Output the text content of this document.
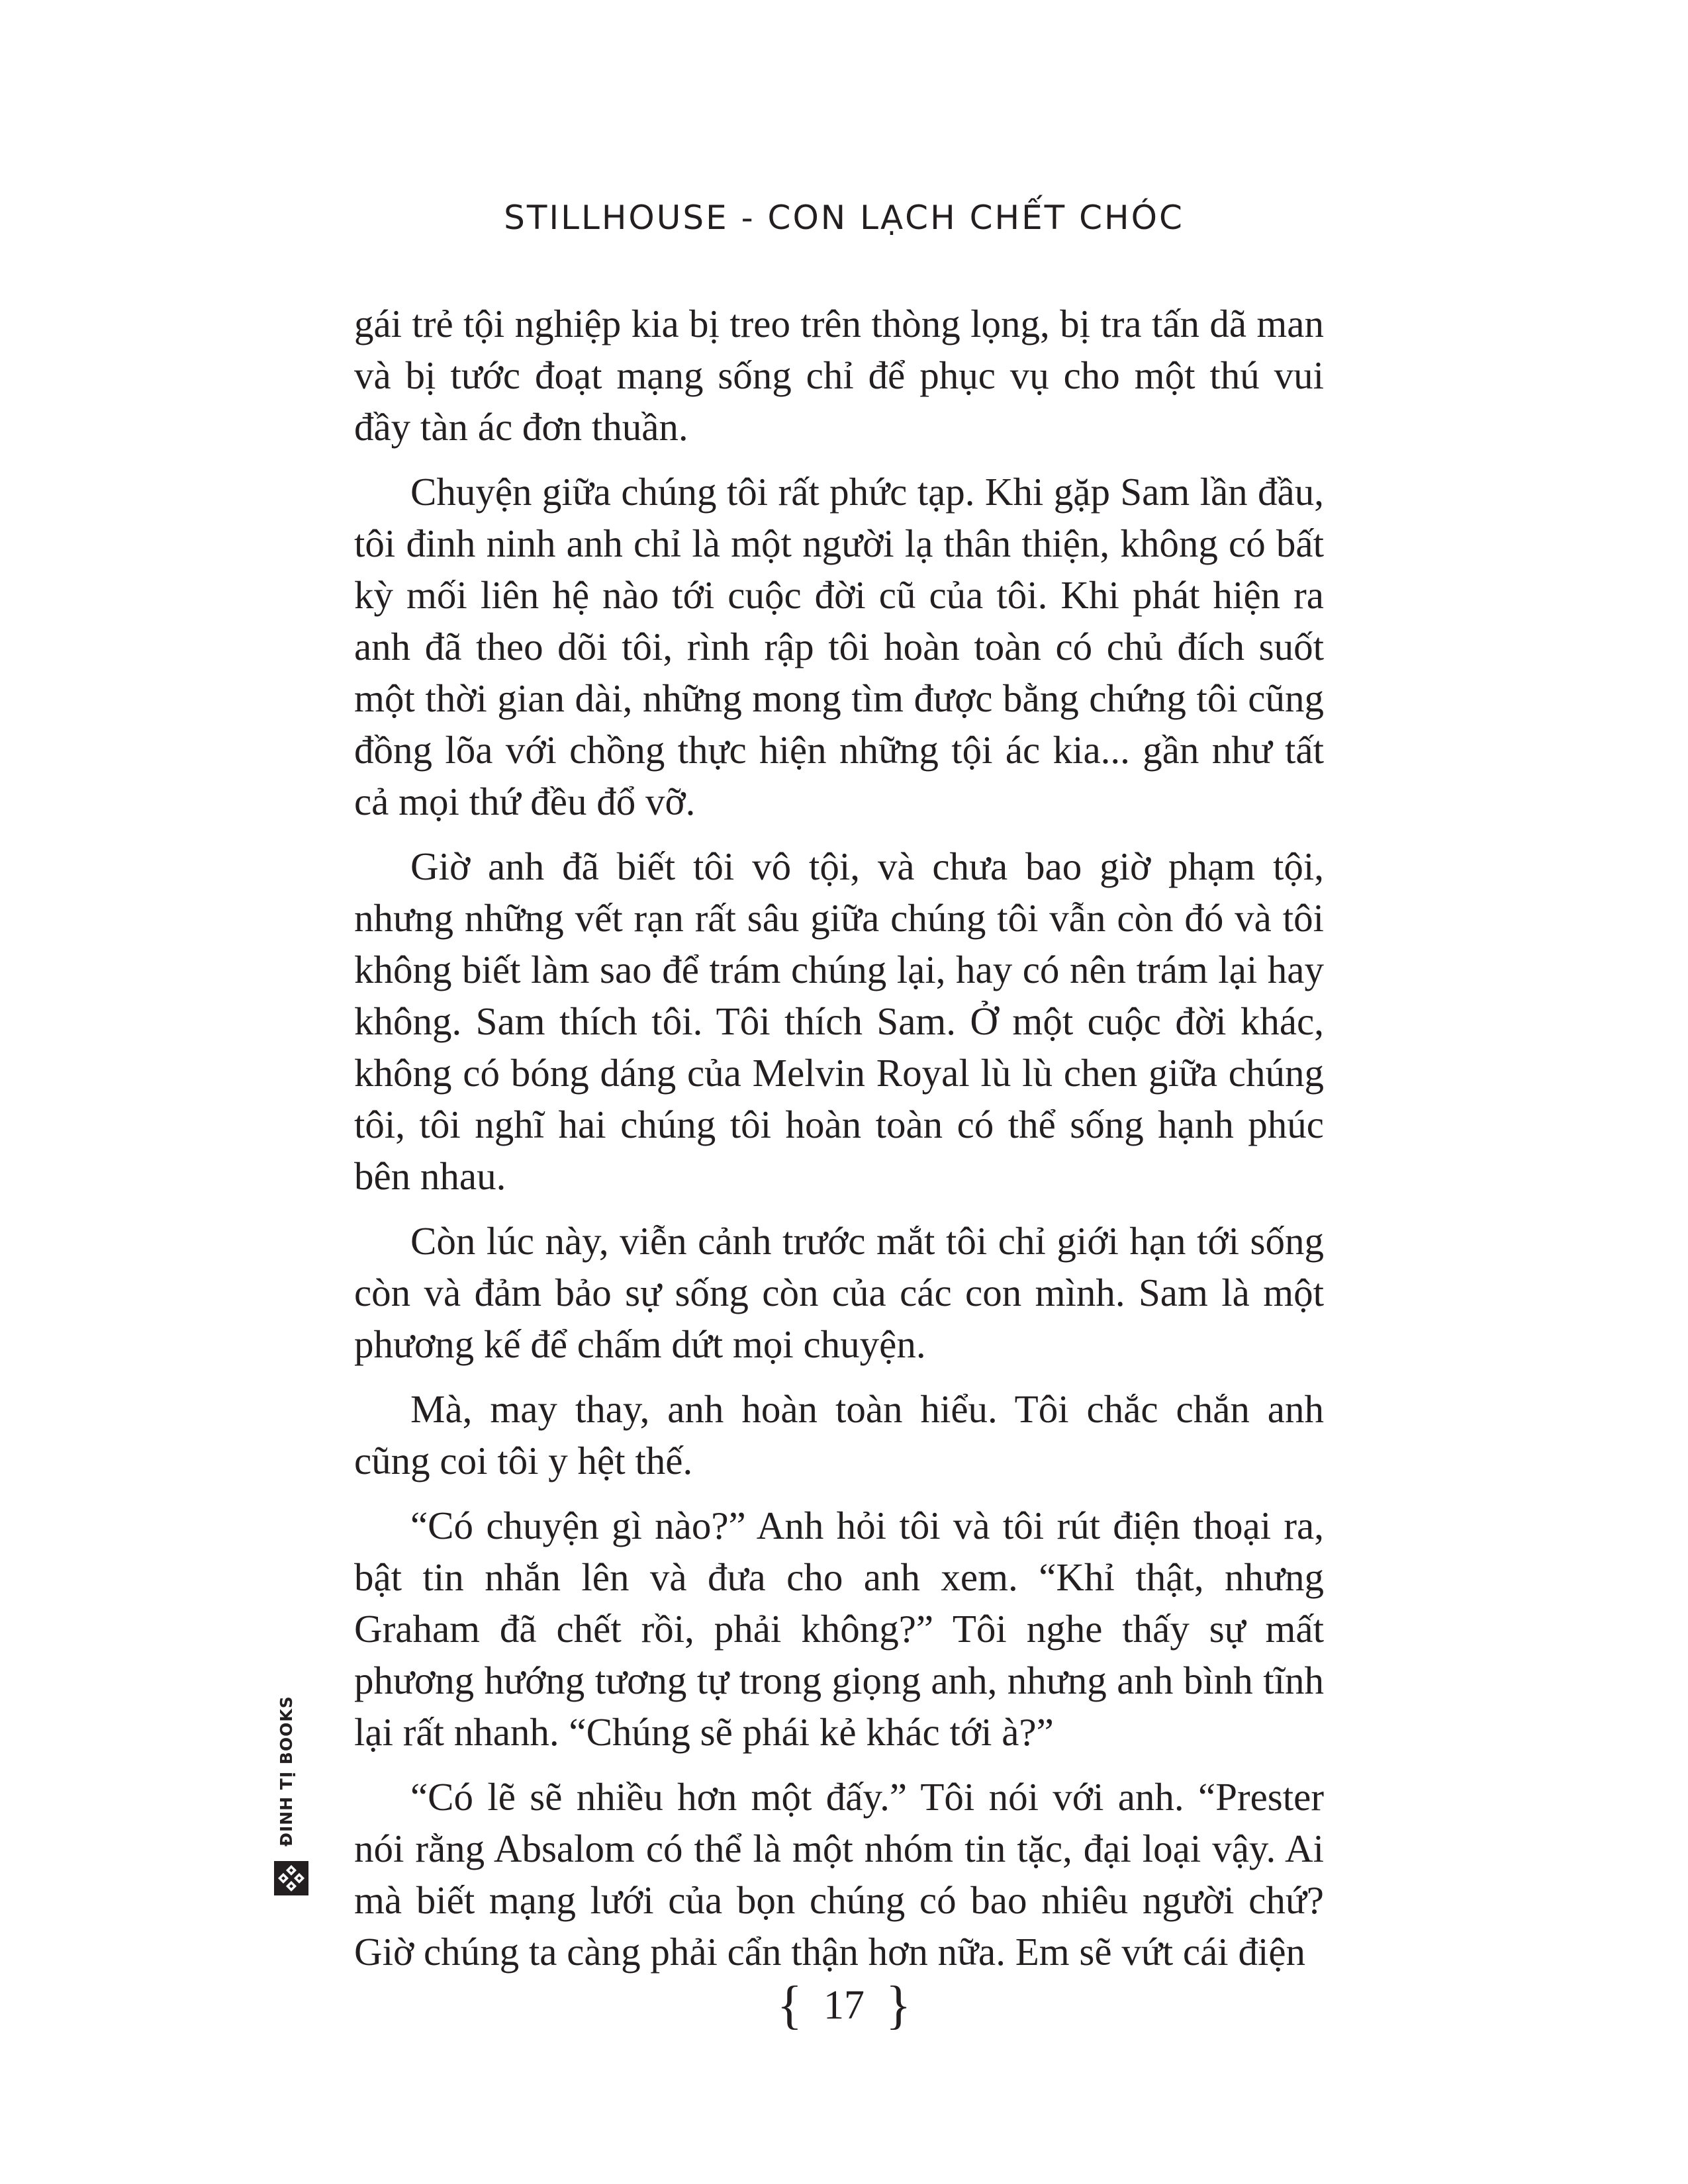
STILLHOUSE - CON LẠCH CHẾT CHÓC

gái trẻ tội nghiệp kia bị treo trên thòng lọng, bị tra tấn dã man và bị tước đoạt mạng sống chỉ để phục vụ cho một thú vui đầy tàn ác đơn thuần.

Chuyện giữa chúng tôi rất phức tạp. Khi gặp Sam lần đầu, tôi đinh ninh anh chỉ là một người lạ thân thiện, không có bất kỳ mối liên hệ nào tới cuộc đời cũ của tôi. Khi phát hiện ra anh đã theo dõi tôi, rình rập tôi hoàn toàn có chủ đích suốt một thời gian dài, những mong tìm được bằng chứng tôi cũng đồng lõa với chồng thực hiện những tội ác kia... gần như tất cả mọi thứ đều đổ vỡ.

Giờ anh đã biết tôi vô tội, và chưa bao giờ phạm tội, nhưng những vết rạn rất sâu giữa chúng tôi vẫn còn đó và tôi không biết làm sao để trám chúng lại, hay có nên trám lại hay không. Sam thích tôi. Tôi thích Sam. Ở một cuộc đời khác, không có bóng dáng của Melvin Royal lù lù chen giữa chúng tôi, tôi nghĩ hai chúng tôi hoàn toàn có thể sống hạnh phúc bên nhau.

Còn lúc này, viễn cảnh trước mắt tôi chỉ giới hạn tới sống còn và đảm bảo sự sống còn của các con mình. Sam là một phương kế để chấm dứt mọi chuyện.

Mà, may thay, anh hoàn toàn hiểu. Tôi chắc chắn anh cũng coi tôi y hệt thế.

“Có chuyện gì nào?” Anh hỏi tôi và tôi rút điện thoại ra, bật tin nhắn lên và đưa cho anh xem. “Khỉ thật, nhưng Graham đã chết rồi, phải không?” Tôi nghe thấy sự mất phương hướng tương tự trong giọng anh, nhưng anh bình tĩnh lại rất nhanh. “Chúng sẽ phái kẻ khác tới à?”

“Có lẽ sẽ nhiều hơn một đấy.” Tôi nói với anh. “Prester nói rằng Absalom có thể là một nhóm tin tặc, đại loại vậy. Ai mà biết mạng lưới của bọn chúng có bao nhiêu người chứ? Giờ chúng ta càng phải cẩn thận hơn nữa. Em sẽ vứt cái điện

ĐINH TỊ BOOKS
{ 17 }
